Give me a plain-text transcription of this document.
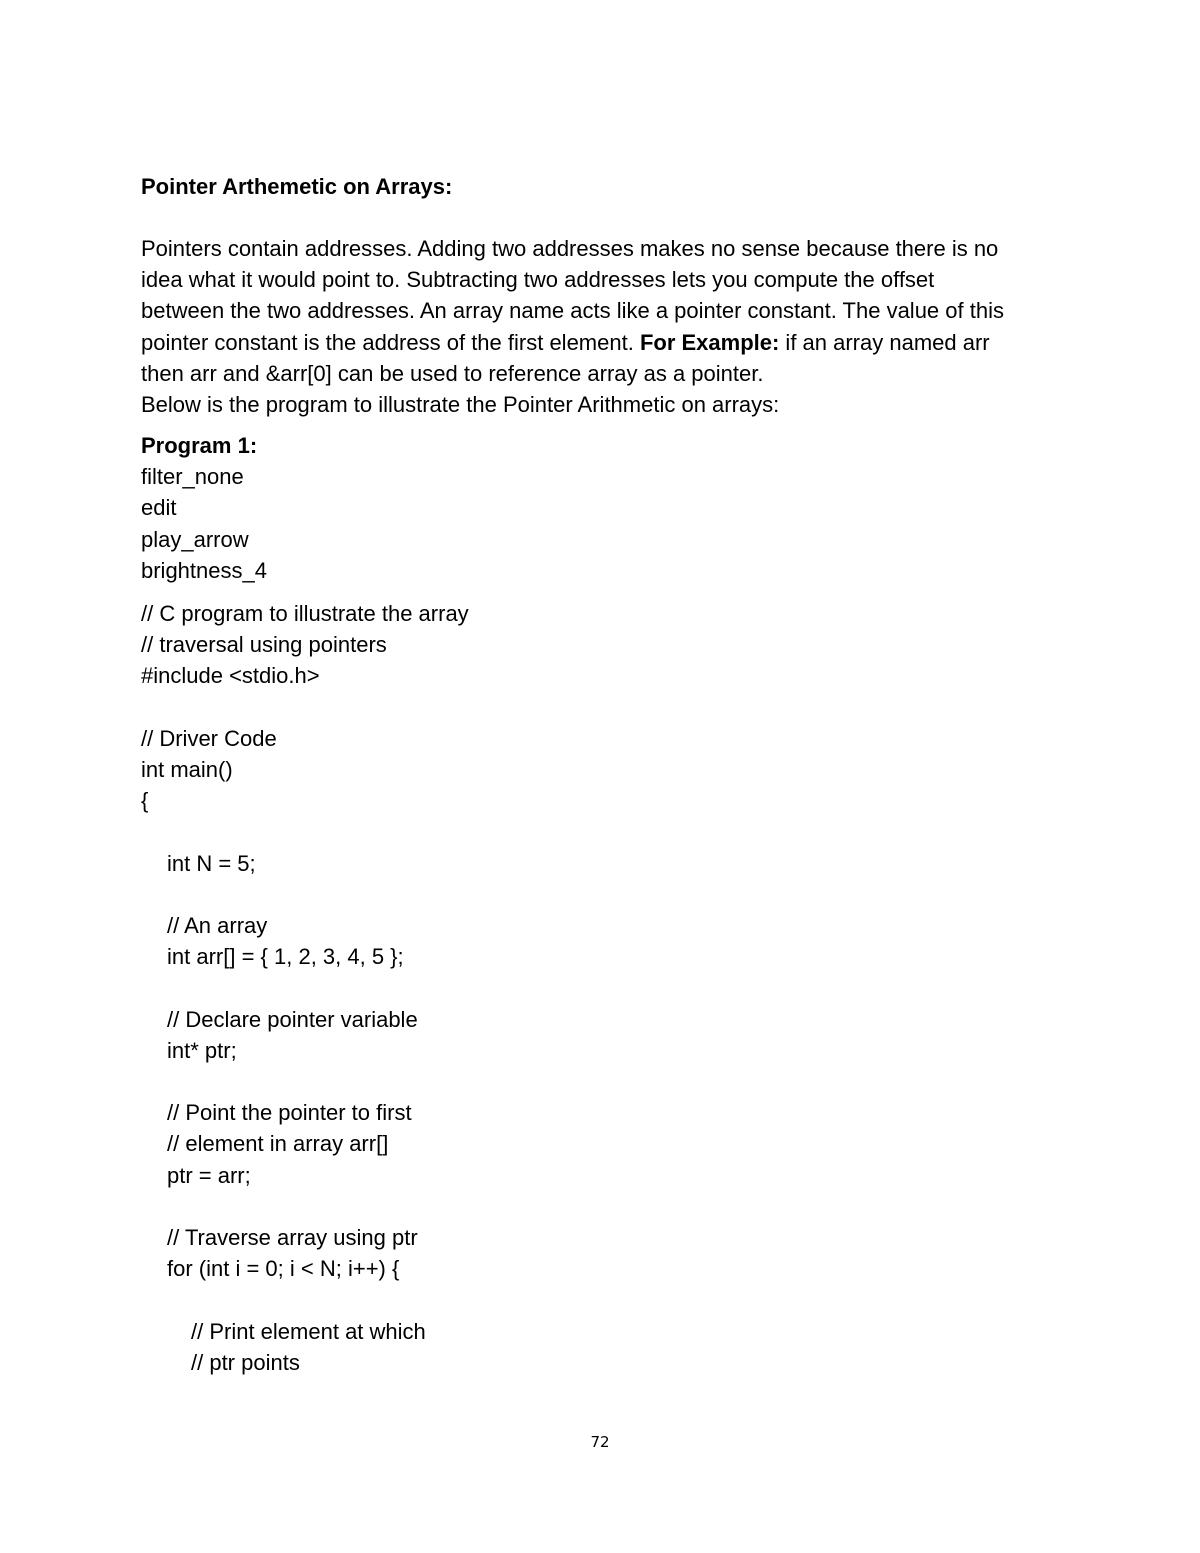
Pointer Arthemetic on Arrays:

Pointers contain addresses. Adding two addresses makes no sense because there is no
idea what it would point to. Subtracting two addresses lets you compute the offset
between the two addresses. An array name acts like a pointer constant. The value of this
pointer constant is the address of the first element. For Example: if an array named arr
then arr and &arr[0] can be used to reference array as a pointer.
Below is the program to illustrate the Pointer Arithmetic on arrays:
Program 1:
filter_none
edit
play_arrow
brightness_4
// C program to illustrate the array
// traversal using pointers
#include <stdio.h>
// Driver Code
int main()
{
int N = 5;
// An array
int arr[] = { 1, 2, 3, 4, 5 };
// Declare pointer variable
int* ptr;
// Point the pointer to first
// element in array arr[]
ptr = arr;
// Traverse array using ptr
for (int i = 0; i < N; i++) {
// Print element at which
// ptr points
72
